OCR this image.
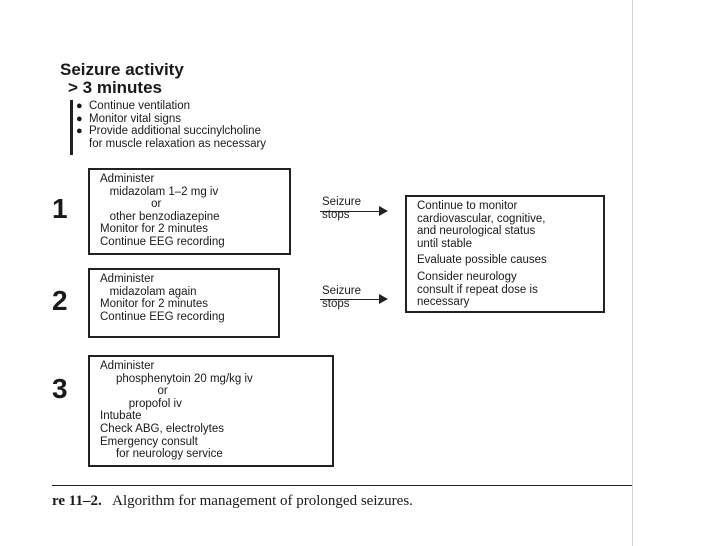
Seizure activity
> 3 minutes
● Continue ventilation
● Monitor vital signs
● Provide additional succinylcholine
for muscle relaxation as necessary
1
Administer
midazolam 1–2 mg iv
or
other benzodiazepine
Monitor for 2 minutes
Continue EEG recording
Seizure
stops
2
Administer
midazolam again
Monitor for 2 minutes
Continue EEG recording
Seizure
stops
Continue to monitor
cardiovascular, cognitive,
and neurological status
until stable
Evaluate possible causes
Consider neurology
consult if repeat dose is
necessary
3
Administer
phosphenytoin 20 mg/kg iv
or
propofol iv
Intubate
Check ABG, electrolytes
Emergency consult
for neurology service
re 11–2. Algorithm for management of prolonged seizures.
